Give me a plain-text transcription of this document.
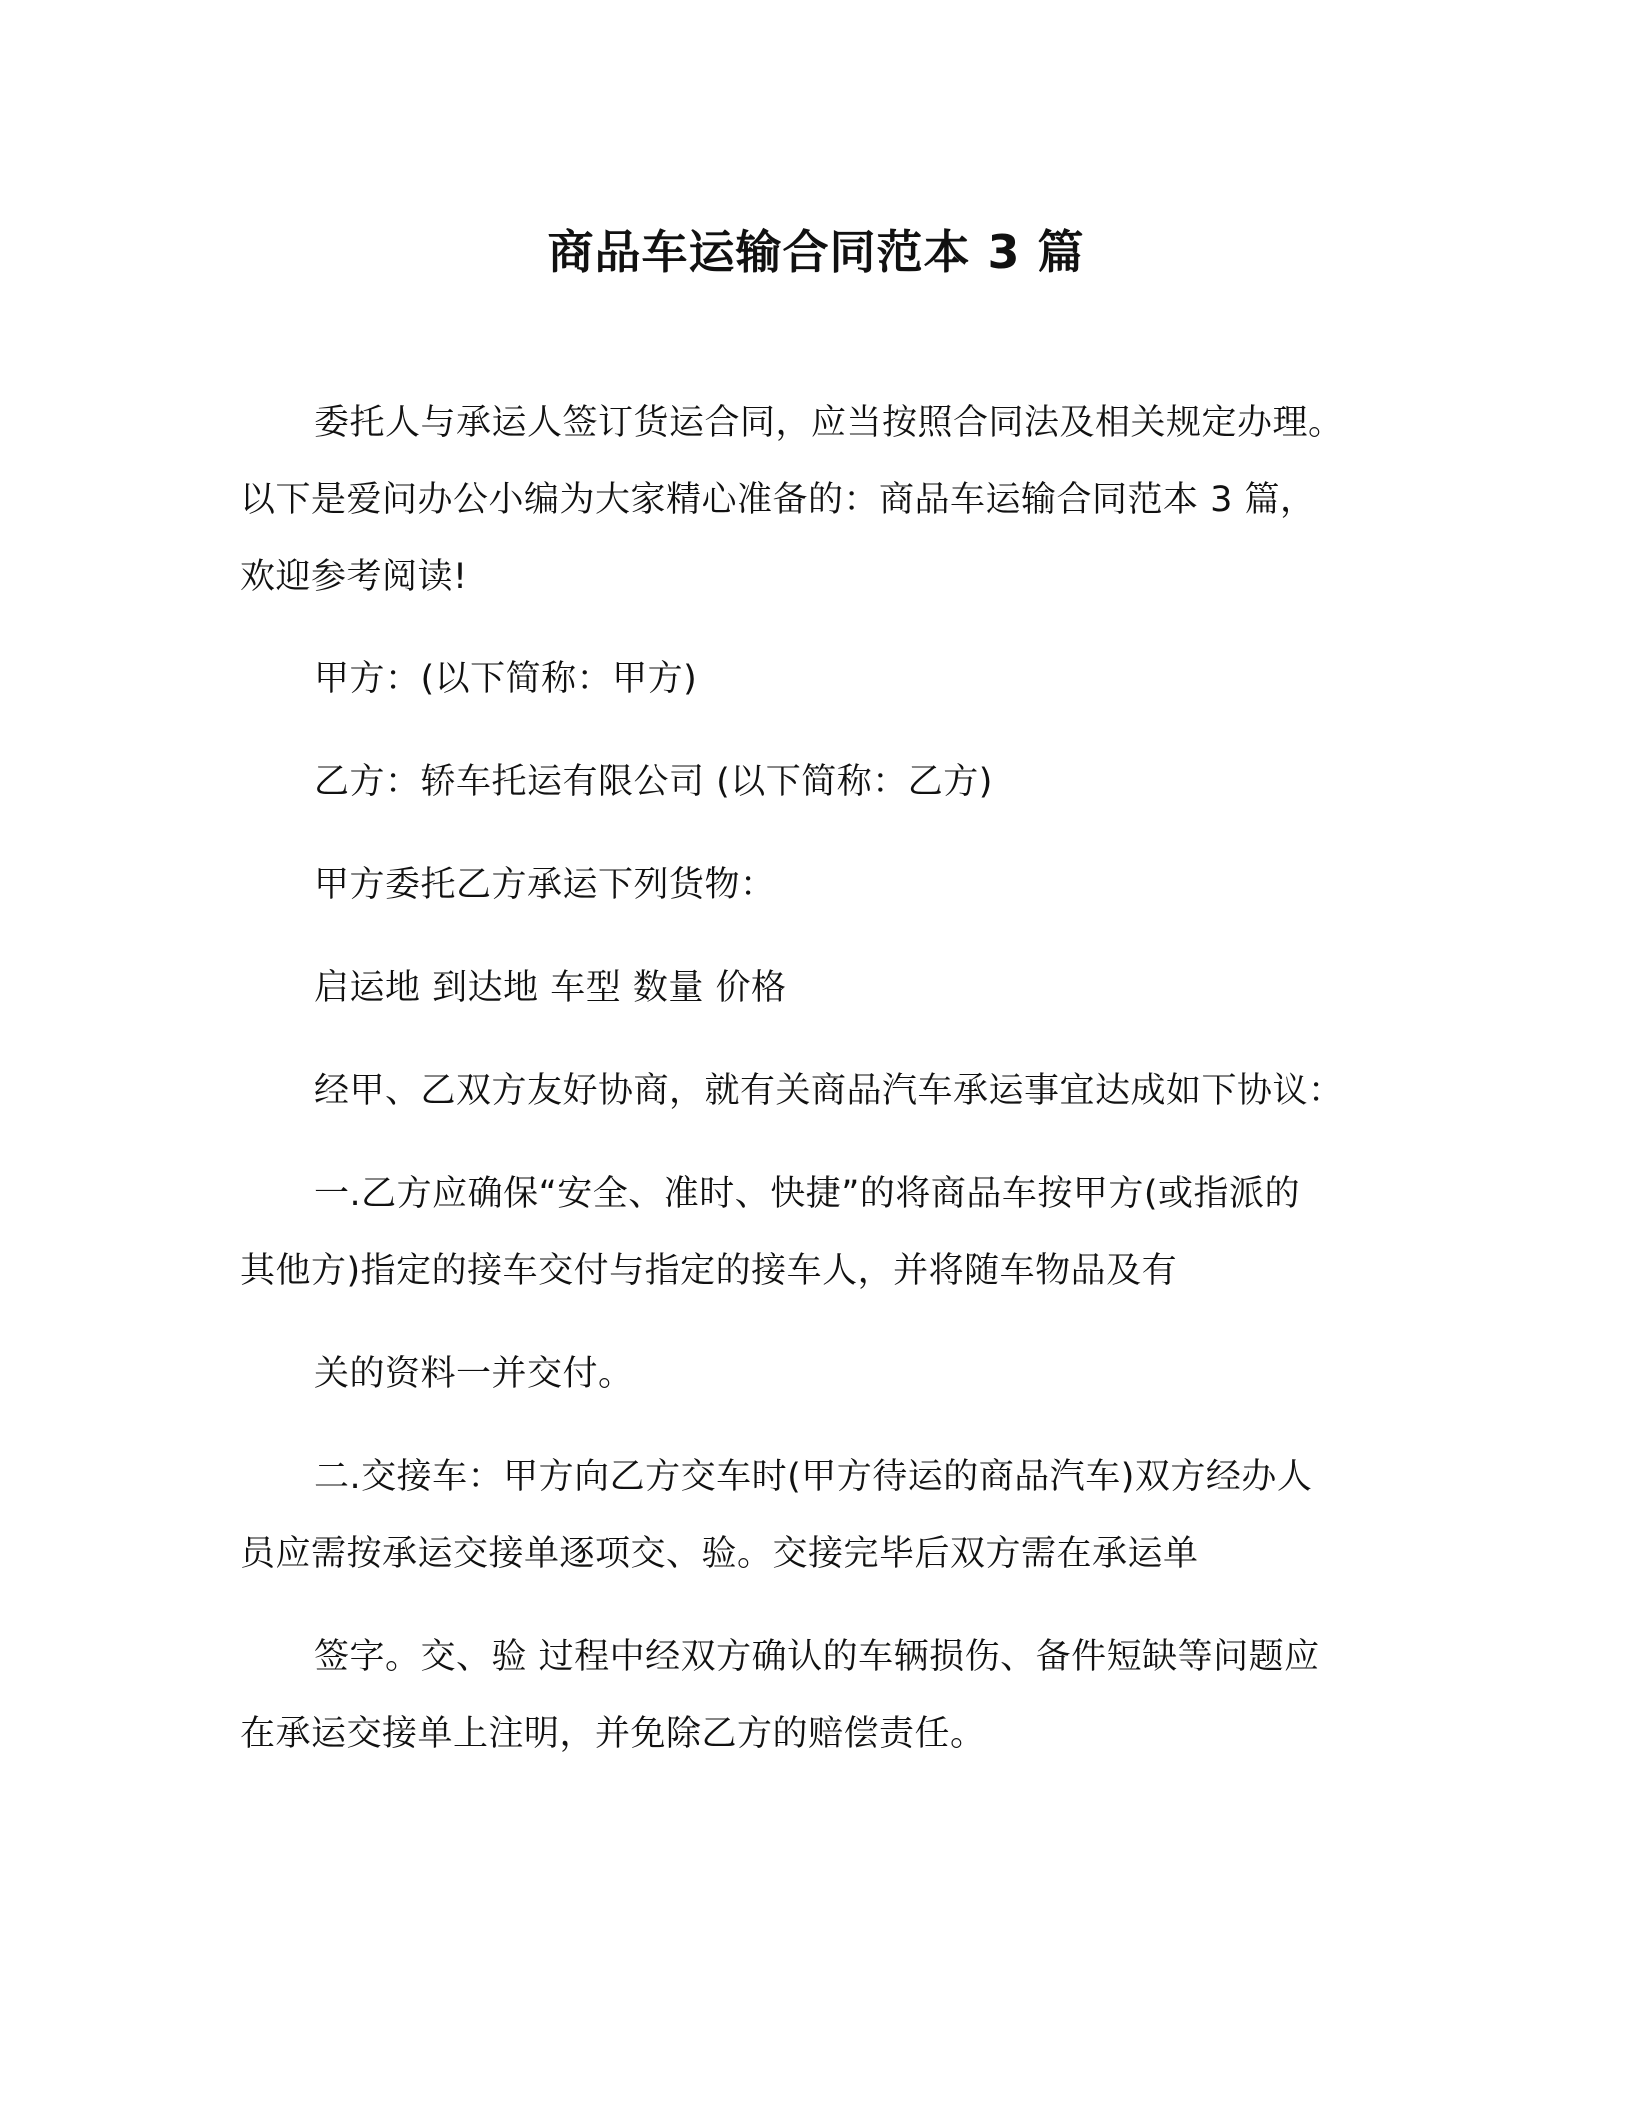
商品车运输合同范本 3 篇
委托人与承运人签订货运合同，应当按照合同法及相关规定办理。
以下是爱问办公小编为大家精心准备的：商品车运输合同范本 3 篇，
欢迎参考阅读!
甲方：(以下简称：甲方)
乙方：轿车托运有限公司 (以下简称：乙方)
甲方委托乙方承运下列货物：
启运地 到达地 车型 数量 价格
经甲、乙双方友好协商，就有关商品汽车承运事宜达成如下协议：
一.乙方应确保“安全、准时、快捷”的将商品车按甲方(或指派的
其他方)指定的接车交付与指定的接车人，并将随车物品及有
关的资料一并交付。
二.交接车：甲方向乙方交车时(甲方待运的商品汽车)双方经办人
员应需按承运交接单逐项交、验。交接完毕后双方需在承运单
签字。交、验 过程中经双方确认的车辆损伤、备件短缺等问题应
在承运交接单上注明，并免除乙方的赔偿责任。
